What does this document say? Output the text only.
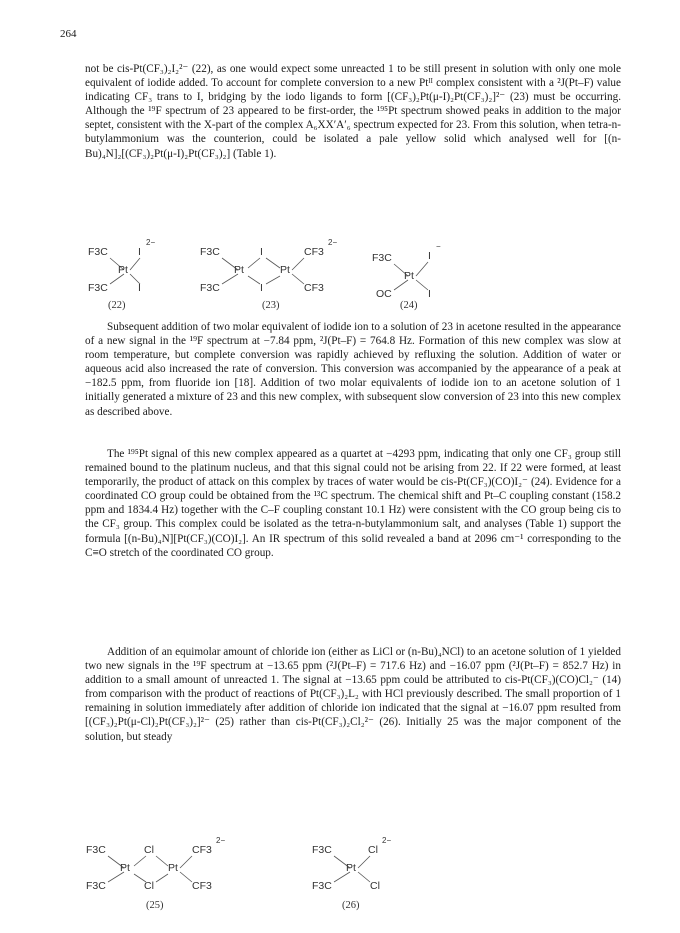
264

not be cis-Pt(CF₃)₂I₂²⁻ (22), as one would expect some unreacted 1 to be still present in solution with only one mole equivalent of iodide added. To account for complete conversion to a new Ptᴵᴵ complex consistent with a ²J(Pt–F) value indicating CF₃ trans to I, bridging by the iodo ligands to form [(CF₃)₂Pt(μ-I)₂Pt(CF₃)₂]²⁻ (23) must be occurring. Although the ¹⁹F spectrum of 23 appeared to be first-order, the ¹⁹⁵Pt spectrum showed peaks in addition to the major septet, consistent with the X-part of the complex A₆XX′A′₆ spectrum expected for 23. From this solution, when tetra-n-butylammonium was the counterion, could be isolated a pale yellow solid which analysed well for [(n-Bu)₄N]₂[(CF₃)₂Pt(μ-I)₂Pt(CF₃)₂] (Table 1).

F3C	I
2−
Pt
F3C	I
(22)
F3C	I	CF3
2−
Pt	Pt
F3C	I	CF3
(23)
F3C	I
−
Pt
OC	I
(24)

Subsequent addition of two molar equivalent of iodide ion to a solution of 23 in acetone resulted in the appearance of a new signal in the ¹⁹F spectrum at −7.84 ppm, ²J(Pt–F) = 764.8 Hz. Formation of this new complex was slow at room temperature, but complete conversion was rapidly achieved by refluxing the solution. Addition of water or aqueous acid also increased the rate of conversion. This conversion was accompanied by the appearance of a peak at −182.5 ppm, from fluoride ion [18]. Addition of two molar equivalents of iodide ion to an acetone solution of 1 initially generated a mixture of 23 and this new complex, with subsequent slow conversion of 23 into this new complex as described above.

The ¹⁹⁵Pt signal of this new complex appeared as a quartet at −4293 ppm, indicating that only one CF₃ group still remained bound to the platinum nucleus, and that this signal could not be arising from 22. If 22 were formed, at least temporarily, the product of attack on this complex by traces of water would be cis-Pt(CF₃)(CO)I₂⁻ (24). Evidence for a coordinated CO group could be obtained from the ¹³C spectrum. The chemical shift and Pt–C coupling constant (158.2 ppm and 1834.4 Hz) together with the C–F coupling constant 10.1 Hz) were consistent with the CO group being cis to the CF₃ group. This complex could be isolated as the tetra-n-butylammonium salt, and analyses (Table 1) support the formula [(n-Bu)₄N][Pt(CF₃)(CO)I₂]. An IR spectrum of this solid revealed a band at 2096 cm⁻¹ corresponding to the C≡O stretch of the coordinated CO group.

Addition of an equimolar amount of chloride ion (either as LiCl or (n-Bu)₄NCl) to an acetone solution of 1 yielded two new signals in the ¹⁹F spectrum at −13.65 ppm (²J(Pt–F) = 717.6 Hz) and −16.07 ppm (²J(Pt–F) = 852.7 Hz) in addition to a small amount of unreacted 1. The signal at −13.65 ppm could be attributed to cis-Pt(CF₃)(CO)Cl₂⁻ (14) from comparison with the product of reactions of Pt(CF₃)₂L₂ with HCl previously described. The small proportion of 1 remaining in solution immediately after addition of chloride ion indicated that the signal at −16.07 ppm resulted from [(CF₃)₂Pt(μ-Cl)₂Pt(CF₃)₂]²⁻ (25) rather than cis-Pt(CF₃)₂Cl₂²⁻ (26). Initially 25 was the major component of the solution, but steady

F3C	Cl	CF3
2−
Pt	Pt
F3C	Cl	CF3
(25)
F3C	Cl
2−
Pt
F3C	Cl
(26)
